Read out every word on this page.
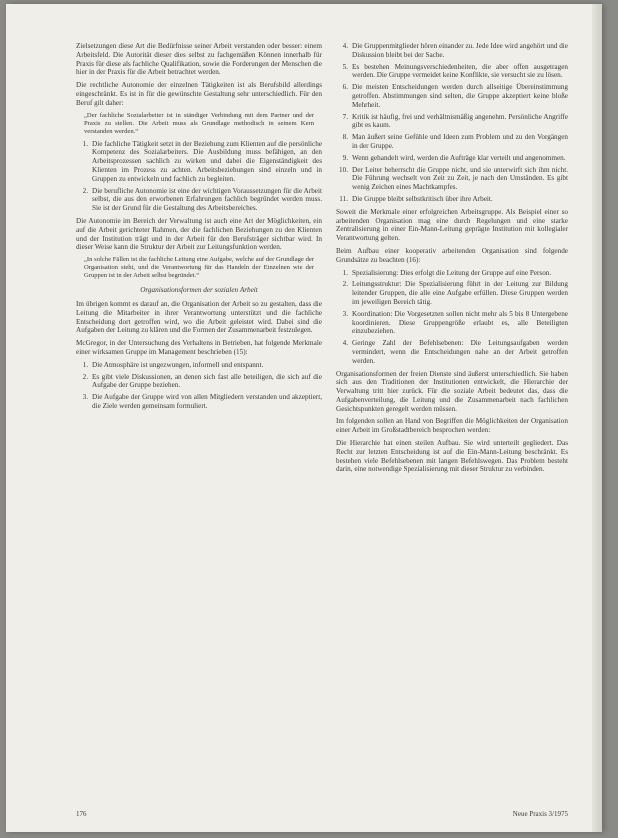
Zielsetzungen diese Art die Bedürfnisse seiner Arbeit verstanden oder besser: einem Arbeitsfeld. Die Autorität dieser dies selbst zu fachgemäßen Können innerhalb für Praxis für diese als fachliche Qualifikation, sowie die Forderungen der Menschen die hier in der Praxis für die Arbeit betrachtet werden.

Die rechtliche Autonomie der einzelnen Tätigkeiten ist als Berufsbild allerdings eingeschränkt. Es ist in für die gewünschte Gestaltung sehr unterschiedlich. Für den Beruf gilt daher:

„Der fachliche Sozialarbeiter ist in ständiger Verbindung mit dem Partner und der Praxis zu stellen. Die Arbeit muss als Grundlage methodisch in seinem Kern verstanden werden.“

1. Die fachliche Tätigkeit setzt in der Beziehung zum Klienten auf die persönliche Kompetenz des Sozialarbeiters. Die Ausbildung muss befähigen, an den Arbeitsprozessen sachlich zu wirken und dabei die Eigenständigkeit des Klienten im Prozess zu achten. Arbeitsbeziehungen sind einzeln und in Gruppen zu entwickeln und fachlich zu begleiten.
2. Die berufliche Autonomie ist eine der wichtigen Voraussetzungen für die Arbeit selbst, die aus den erworbenen Erfahrungen fachlich begründet werden muss. Sie ist der Grund für die Gestaltung des Arbeitsbereiches.

Die Autonomie im Bereich der Verwaltung ist auch eine Art der Möglichkeiten, ein auf die Arbeit gerichteter Rahmen, der die fachlichen Beziehungen zu den Klienten und der Institution trägt und in der Arbeit für den Berufsträger sichtbar wird. In dieser Weise kann die Struktur der Arbeit zur Leitungsfunktion werden.

„In solche Fällen ist die fachliche Leitung eine Aufgabe, welche auf der Grundlage der Organisation steht, und die Verantwortung für das Handeln der Einzelnen wie der Gruppen ist in der Arbeit selbst begründet.“

Organisationsformen der sozialen Arbeit

Im übrigen kommt es darauf an, die Organisation der Arbeit so zu gestalten, dass die Leitung die Mitarbeiter in ihrer Verantwortung unterstützt und die fachliche Entscheidung dort getroffen wird, wo die Arbeit geleistet wird. Dabei sind die Aufgaben der Leitung zu klären und die Formen der Zusammenarbeit festzulegen.

McGregor, in der Untersuchung des Verhaltens in Betrieben, hat folgende Merkmale einer wirksamen Gruppe im Management beschrieben (15):

1. Die Atmosphäre ist ungezwungen, informell und entspannt.
2. Es gibt viele Diskussionen, an denen sich fast alle beteiligen, die sich auf die Aufgabe der Gruppe beziehen.
3. Die Aufgabe der Gruppe wird von allen Mitgliedern verstanden und akzeptiert, die Ziele werden gemeinsam formuliert.
4. Die Gruppenmitglieder hören einander zu. Jede Idee wird angehört und die Diskussion bleibt bei der Sache.
5. Es bestehen Meinungsverschiedenheiten, die aber offen ausgetragen werden. Die Gruppe vermeidet keine Konflikte, sie versucht sie zu lösen.
6. Die meisten Entscheidungen werden durch allseitige Übereinstimmung getroffen. Abstimmungen sind selten, die Gruppe akzeptiert keine bloße Mehrheit.
7. Kritik ist häufig, frei und verhältnismäßig angenehm. Persönliche Angriffe gibt es kaum.
8. Man äußert seine Gefühle und Ideen zum Problem und zu den Vorgängen in der Gruppe.
9. Wenn gehandelt wird, werden die Aufträge klar verteilt und angenommen.
10. Der Leiter beherrscht die Gruppe nicht, und sie unterwirft sich ihm nicht. Die Führung wechselt von Zeit zu Zeit, je nach den Umständen. Es gibt wenig Zeichen eines Machtkampfes.
11. Die Gruppe bleibt selbstkritisch über ihre Arbeit.

Soweit die Merkmale einer erfolgreichen Arbeitsgruppe. Als Beispiel einer so arbeitenden Organisation mag eine durch Regelungen und eine starke Zentralisierung in einer Ein-Mann-Leitung geprägte Institution mit kollegialer Verantwortung gelten.

Beim Aufbau einer kooperativ arbeitenden Organisation sind folgende Grundsätze zu beachten (16):

1. Spezialisierung: Dies erfolgt die Leitung der Gruppe auf eine Person.
2. Leitungsstruktur: Die Spezialisierung führt in der Leitung zur Bildung leitender Gruppen, die alle eine Aufgabe erfüllen. Diese Gruppen werden im jeweiligen Bereich tätig.
3. Koordination: Die Vorgesetzten sollen nicht mehr als 5 bis 8 Untergebene koordinieren. Diese Gruppengröße erlaubt es, alle Beteiligten einzubeziehen.
4. Geringe Zahl der Befehlsebenen: Die Leitungsaufgaben werden vermindert, wenn die Entscheidungen nahe an der Arbeit getroffen werden.

Organisationsformen der freien Dienste sind äußerst unterschiedlich. Sie haben sich aus den Traditionen der Institutionen entwickelt, die Hierarchie der Verwaltung tritt hier zurück. Für die soziale Arbeit bedeutet das, dass die Aufgabenverteilung, die Leitung und die Zusammenarbeit nach fachlichen Gesichtspunkten geregelt werden müssen.

Im folgenden sollen an Hand von Begriffen die Möglichkeiten der Organisation einer Arbeit im Großstadtbereich besprochen werden:

Die Hierarchie hat einen steilen Aufbau. Sie wird unterteilt gegliedert. Das Recht zur letzten Entscheidung ist auf die Ein-Mann-Leitung beschränkt. Es bestehen viele Befehlsebenen mit langen Befehlswegen. Das Problem besteht darin, eine notwendige Spezialisierung mit dieser Struktur zu verbinden.

176	Neue Praxis 3/1975
